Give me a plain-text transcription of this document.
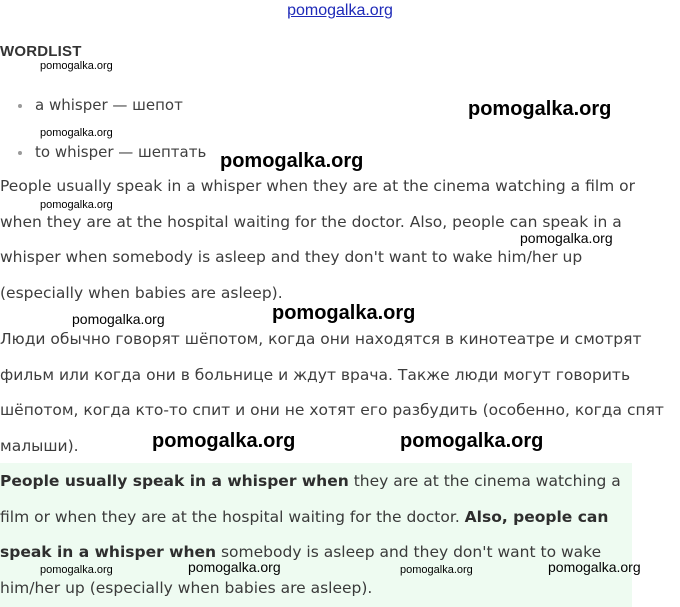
pomogalka.org
WORDLIST
a whisper — шепот
to whisper — шептать
People usually speak in a whisper when they are at the cinema watching a film or
when they are at the hospital waiting for the doctor. Also, people can speak in a
whisper when somebody is asleep and they don't want to wake him/her up
(especially when babies are asleep).
Люди обычно говорят шёпотом, когда они находятся в кинотеатре и смотрят
фильм или когда они в больнице и ждут врача. Также люди могут говорить
шёпотом, когда кто-то спит и они не хотят его разбудить (особенно, когда спят
малыши).
People usually speak in a whisper when they are at the cinema watching a
film or when they are at the hospital waiting for the doctor. Also, people can
speak in a whisper when somebody is asleep and they don't want to wake
him/her up (especially when babies are asleep).
pomogalka.org
pomogalka.org
pomogalka.org
pomogalka.org
pomogalka.org
pomogalka.org
pomogalka.org	pomogalka.org
pomogalka.org	pomogalka.org
pomogalka.org	pomogalka.org	pomogalka.org	pomogalka.org
